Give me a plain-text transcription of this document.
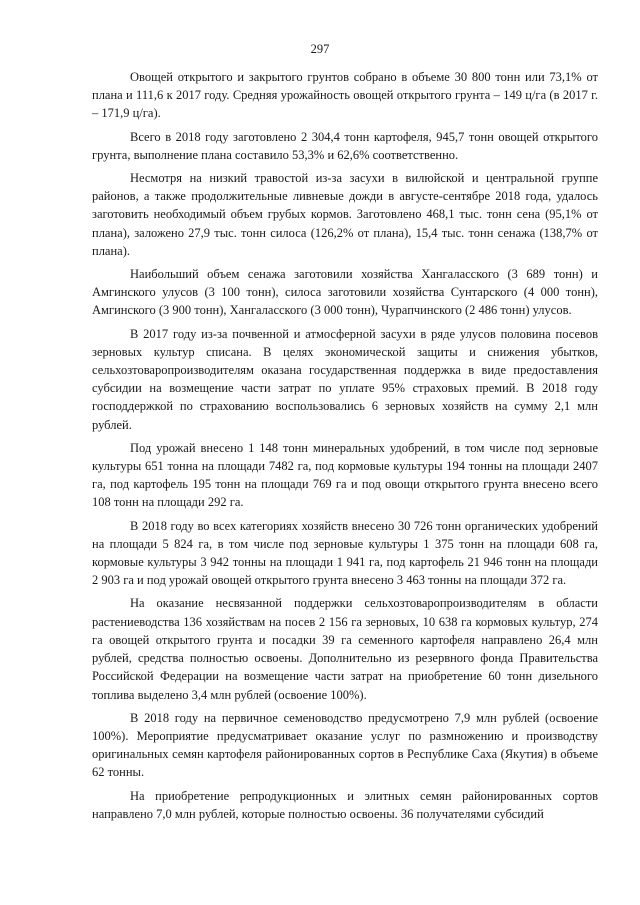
297

Овощей открытого и закрытого грунтов собрано в объеме 30 800 тонн или 73,1% от плана и 111,6 к 2017 году. Средняя урожайность овощей открытого грунта – 149 ц/га (в 2017 г. – 171,9 ц/га).

Всего в 2018 году заготовлено 2 304,4 тонн картофеля, 945,7 тонн овощей открытого грунта, выполнение плана составило 53,3% и 62,6% соответственно.

Несмотря на низкий травостой из-за засухи в вилюйской и центральной группе районов, а также продолжительные ливневые дожди в августе-сентябре 2018 года, удалось заготовить необходимый объем грубых кормов. Заготовлено 468,1 тыс. тонн сена (95,1% от плана), заложено 27,9 тыс. тонн силоса (126,2% от плана), 15,4 тыс. тонн сенажа (138,7% от плана).

Наибольший объем сенажа заготовили хозяйства Хангаласского (3 689 тонн) и Амгинского улусов (3 100 тонн), силоса заготовили хозяйства Сунтарского (4 000 тонн), Амгинского (3 900 тонн), Хангаласского (3 000 тонн), Чурапчинского (2 486 тонн) улусов.

В 2017 году из-за почвенной и атмосферной засухи в ряде улусов половина посевов зерновых культур списана. В целях экономической защиты и снижения убытков, сельхозтоваропроизводителям оказана государственная поддержка в виде предоставления субсидии на возмещение части затрат по уплате 95% страховых премий. В 2018 году господдержкой по страхованию воспользовались 6 зерновых хозяйств на сумму 2,1 млн рублей.

Под урожай внесено 1 148 тонн минеральных удобрений, в том числе под зерновые культуры 651 тонна на площади 7482 га, под кормовые культуры 194 тонны на площади 2407 га, под картофель 195 тонн на площади 769 га и под овощи открытого грунта внесено всего 108 тонн на площади 292 га.

В 2018 году во всех категориях хозяйств внесено 30 726 тонн органических удобрений на площади 5 824 га, в том числе под зерновые культуры 1 375 тонн на площади 608 га, кормовые культуры 3 942 тонны на площади 1 941 га, под картофель 21 946 тонн на площади 2 903 га и под урожай овощей открытого грунта внесено 3 463 тонны на площади 372 га.

На оказание несвязанной поддержки сельхозтоваропроизводителям в области растениеводства 136 хозяйствам на посев 2 156 га зерновых, 10 638 га кормовых культур, 274 га овощей открытого грунта и посадки 39 га семенного картофеля направлено 26,4 млн рублей, средства полностью освоены. Дополнительно из резервного фонда Правительства Российской Федерации на возмещение части затрат на приобретение 60 тонн дизельного топлива выделено 3,4 млн рублей (освоение 100%).

В 2018 году на первичное семеноводство предусмотрено 7,9 млн рублей (освоение 100%). Мероприятие предусматривает оказание услуг по размножению и производству оригинальных семян картофеля районированных сортов в Республике Саха (Якутия) в объеме 62 тонны.

На приобретение репродукционных и элитных семян районированных сортов направлено 7,0 млн рублей, которые полностью освоены. 36 получателями субсидий
